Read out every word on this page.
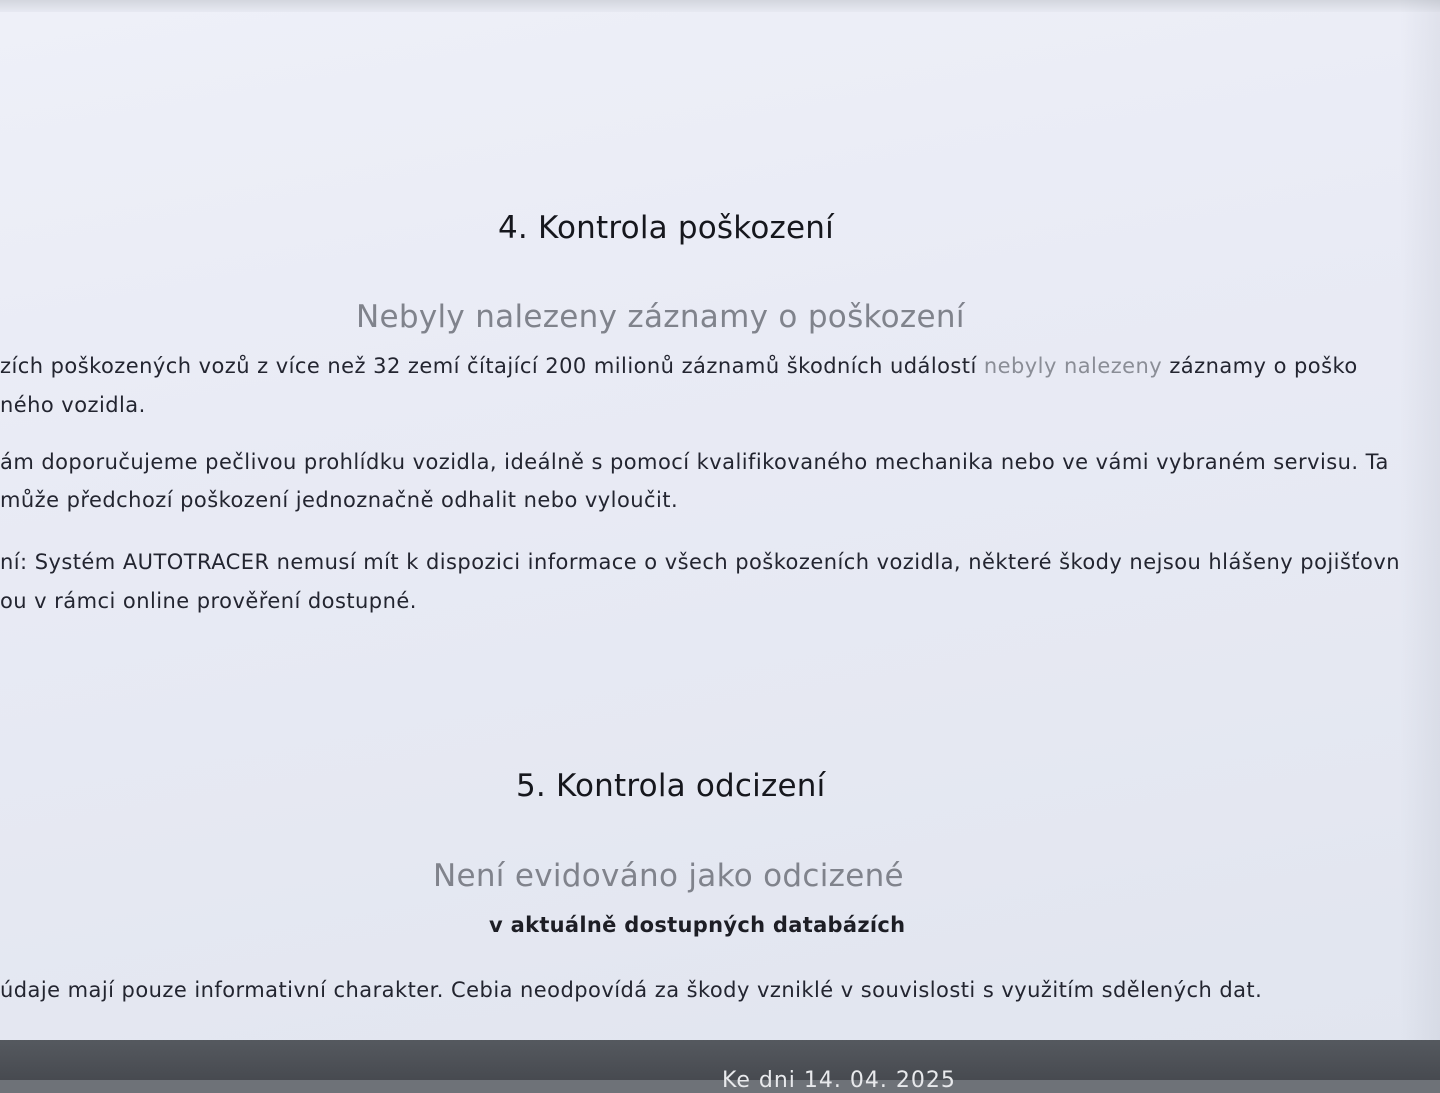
4. Kontrola poškození
Nebyly nalezeny záznamy o poškození
zích poškozených vozů z více než 32 zemí čítající 200 milionů záznamů škodních událostí nebyly nalezeny záznamy o poško
ného vozidla.
ám doporučujeme pečlivou prohlídku vozidla, ideálně s pomocí kvalifikovaného mechanika nebo ve vámi vybraném servisu. Ta
může předchozí poškození jednoznačně odhalit nebo vyloučit.
ní: Systém AUTOTRACER nemusí mít k dispozici informace o všech poškozeních vozidla, některé škody nejsou hlášeny pojišťovn
ou v rámci online prověření dostupné.
5. Kontrola odcizení
Není evidováno jako odcizené
v aktuálně dostupných databázích
údaje mají pouze informativní charakter. Cebia neodpovídá za škody vzniklé v souvislosti s využitím sdělených dat.
Ke dni 14. 04. 2025
